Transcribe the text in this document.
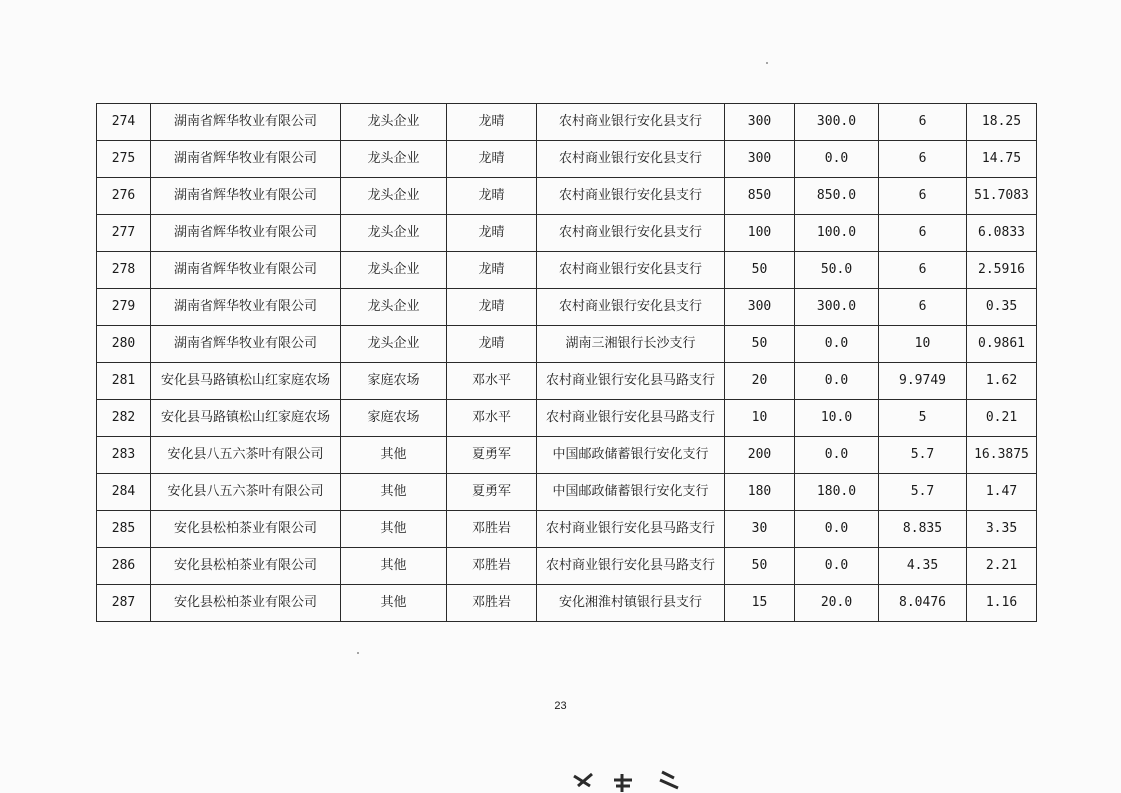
274	湖南省辉华牧业有限公司	龙头企业	龙晴	农村商业银行安化县支行	300	300.0	6	18.25
275	湖南省辉华牧业有限公司	龙头企业	龙晴	农村商业银行安化县支行	300	0.0	6	14.75
276	湖南省辉华牧业有限公司	龙头企业	龙晴	农村商业银行安化县支行	850	850.0	6	51.7083
277	湖南省辉华牧业有限公司	龙头企业	龙晴	农村商业银行安化县支行	100	100.0	6	6.0833
278	湖南省辉华牧业有限公司	龙头企业	龙晴	农村商业银行安化县支行	50	50.0	6	2.5916
279	湖南省辉华牧业有限公司	龙头企业	龙晴	农村商业银行安化县支行	300	300.0	6	0.35
280	湖南省辉华牧业有限公司	龙头企业	龙晴	湖南三湘银行长沙支行	50	0.0	10	0.9861
281	安化县马路镇松山红家庭农场	家庭农场	邓水平	农村商业银行安化县马路支行	20	0.0	9.9749	1.62
282	安化县马路镇松山红家庭农场	家庭农场	邓水平	农村商业银行安化县马路支行	10	10.0	5	0.21
283	安化县八五六茶叶有限公司	其他	夏勇军	中国邮政储蓄银行安化支行	200	0.0	5.7	16.3875
284	安化县八五六茶叶有限公司	其他	夏勇军	中国邮政储蓄银行安化支行	180	180.0	5.7	1.47
285	安化县松柏茶业有限公司	其他	邓胜岩	农村商业银行安化县马路支行	30	0.0	8.835	3.35
286	安化县松柏茶业有限公司	其他	邓胜岩	农村商业银行安化县马路支行	50	0.0	4.35	2.21
287	安化县松柏茶业有限公司	其他	邓胜岩	安化湘淮村镇银行县支行	15	20.0	8.0476	1.16
23
